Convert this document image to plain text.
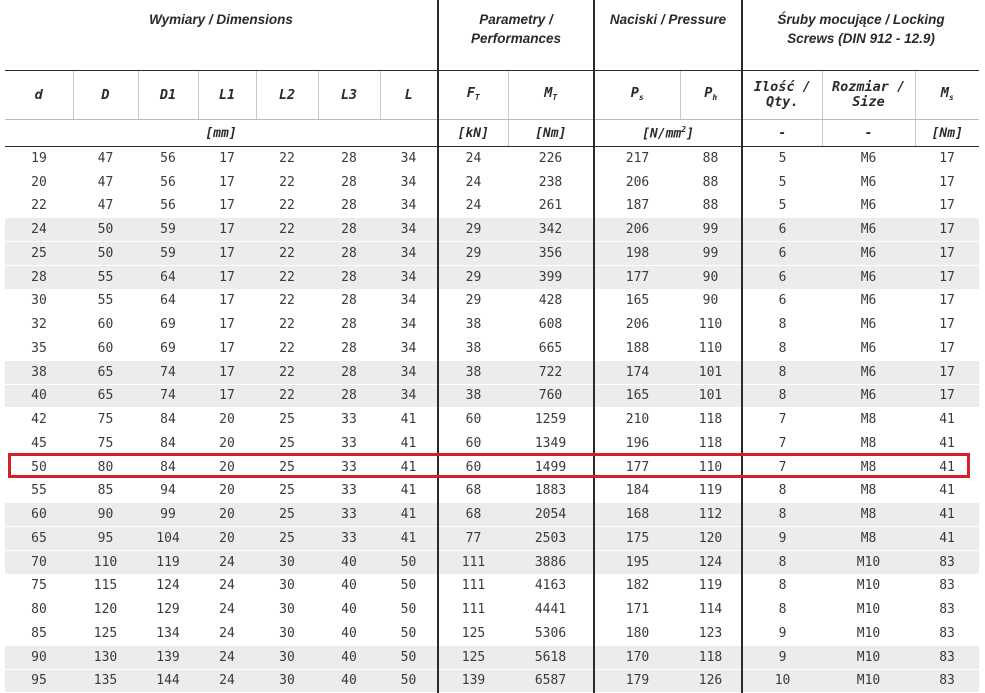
Wymiary / Dimensions							Parametry / Performances		Naciski / Pressure		Śruby mocujące / Locking Screws (DIN 912 - 12.9)		
d	D	D1	L1	L2	L3	L	$F_T$	$M_T$	$P_s$	$P_h$	Ilość / Qty.	Rozmiar / Size	$M_s$
[mm]							[kN]	[Nm]	$[N/mm^2]$		-	-	[Nm]
19	47	56	17	22	28	34	24	226	217	88	5	M6	17
20	47	56	17	22	28	34	24	238	206	88	5	M6	17
22	47	56	17	22	28	34	24	261	187	88	5	M6	17
24	50	59	17	22	28	34	29	342	206	99	6	M6	17
25	50	59	17	22	28	34	29	356	198	99	6	M6	17
28	55	64	17	22	28	34	29	399	177	90	6	M6	17
30	55	64	17	22	28	34	29	428	165	90	6	M6	17
32	60	69	17	22	28	34	38	608	206	110	8	M6	17
35	60	69	17	22	28	34	38	665	188	110	8	M6	17
38	65	74	17	22	28	34	38	722	174	101	8	M6	17
40	65	74	17	22	28	34	38	760	165	101	8	M6	17
42	75	84	20	25	33	41	60	1259	210	118	7	M8	41
45	75	84	20	25	33	41	60	1349	196	118	7	M8	41
50	80	84	20	25	33	41	60	1499	177	110	7	M8	41
55	85	94	20	25	33	41	68	1883	184	119	8	M8	41
60	90	99	20	25	33	41	68	2054	168	112	8	M8	41
65	95	104	20	25	33	41	77	2503	175	120	9	M8	41
70	110	119	24	30	40	50	111	3886	195	124	8	M10	83
75	115	124	24	30	40	50	111	4163	182	119	8	M10	83
80	120	129	24	30	40	50	111	4441	171	114	8	M10	83
85	125	134	24	30	40	50	125	5306	180	123	9	M10	83
90	130	139	24	30	40	50	125	5618	170	118	9	M10	83
95	135	144	24	30	40	50	139	6587	179	126	10	M10	83
